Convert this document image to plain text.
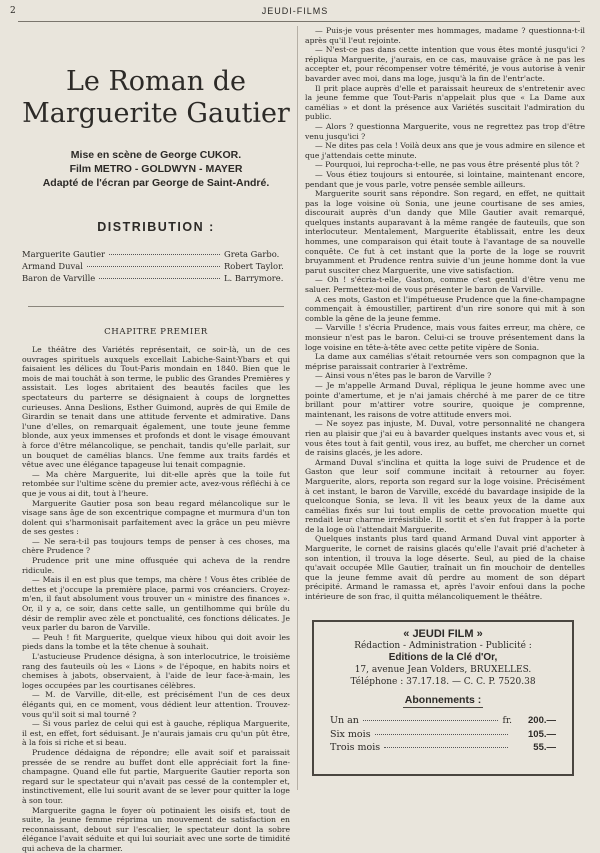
2	JEUDI-FILMS
Le Roman de
Marguerite Gautier
Mise en scène de George CUKOR.
Film METRO - GOLDWYN - MAYER
Adapté de l'écran par George de Saint-André.
DISTRIBUTION :
Marguerite Gautier	Greta Garbo.
Armand Duval	Robert Taylor.
Baron de Varville	L. Barrymore.
CHAPITRE PREMIER

Le théâtre des Variétés représentait, ce soir-là, un de ces ouvrages spirituels auxquels excellait Labiche-Saint-Ybars et qui faisaient les délices du Tout-Paris mondain en 1840. Bien que le mois de mai touchât à son terme, le public des Grandes Premières y assistait. Les loges abritaient des beautés faciles que les spectateurs du parterre se désignaient à coups de lorgnettes curieuses. Anna Deslions, Esther Guimond, auprès de qui Emile de Girardin se tenait dans une attitude fervente et admirative. Dans l'une d'elles, on remarquait également, une toute jeune femme blonde, aux yeux immenses et profonds et dont le visage émouvant à force d'être mélancolique, se penchait, tandis qu'elle parlait, sur un bouquet de camélias blancs. Une femme aux traits fardés et vêtue avec une élégance tapageuse lui tenait compagnie.

— Ma chère Marguerite, lui dit-elle après que la toile fut retombée sur l'ultime scène du premier acte, avez-vous réfléchi à ce que je vous ai dit, tout à l'heure.

Marguerite Gautier posa son beau regard mélancolique sur le visage sans âge de son excentrique compagne et murmura d'un ton dolent qui s'harmonisait parfaitement avec la grâce un peu mièvre de ses gestes :

— Ne sera-t-il pas toujours temps de penser à ces choses, ma chère Prudence ?

Prudence prit une mine offusquée qui acheva de la rendre ridicule.

— Mais il en est plus que temps, ma chère ! Vous êtes criblée de dettes et j'occupe la première place, parmi vos créanciers. Croyez-m'en, il faut absolument vous trouver un « ministre des finances ». Or, il y a, ce soir, dans cette salle, un gentilhomme qui brûle du désir de remplir avec zèle et ponctualité, ces fonctions délicates. Je veux parler du baron de Varville.

— Peuh ! fit Marguerite, quelque vieux hibou qui doit avoir les pieds dans la tombe et la tête chenue à souhait.

L'astucieuse Prudence désigna, à son interlocutrice, le troisième rang des fauteuils où les « Lions » de l'époque, en habits noirs et chemises à jabots, observaient, à l'aide de leur face-à-main, les loges occupées par les courtisanes célèbres.

— M. de Varville, dit-elle, est précisément l'un de ces deux élégants qui, en ce moment, vous dédient leur attention. Trouvez-vous qu'il soit si mal tourné ?

— Si vous parlez de celui qui est à gauche, répliqua Marguerite, il est, en effet, fort séduisant. Je n'aurais jamais cru qu'un pût être, à la fois si riche et si beau.

Prudence dédaigna de répondre; elle avait soif et paraissait pressée de se rendre au buffet dont elle appréciait fort la fine-champagne. Quand elle fut partie, Marguerite Gautier reporta son regard sur le spectateur qui n'avait pas cessé de la contempler et, instinctivement, elle lui sourit avant de se lever pour quitter la loge à son tour.

Marguerite gagna le foyer où potinaient les oisifs et, tout de suite, la jeune femme réprima un mouvement de satisfaction en reconnaissant, debout sur l'escalier, le spectateur dont la sobre élégance l'avait séduite et qui lui souriait avec une sorte de timidité qui acheva de la charmer.

— Puis-je vous présenter mes hommages, madame ? questionna-t-il après qu'il l'eut rejointe.

— N'est-ce pas dans cette intention que vous êtes monté jusqu'ici ? répliqua Marguerite, j'aurais, en ce cas, mauvaise grâce à ne pas les accepter et, pour récompenser votre témérité, je vous autorise à venir bavarder avec moi, dans ma loge, jusqu'à la fin de l'entr'acte.

Il prit place auprès d'elle et paraissait heureux de s'entretenir avec la jeune femme que Tout-Paris n'appelait plus que « La Dame aux camélias » et dont la présence aux Variétés suscitait l'admiration du public.

— Alors ? questionna Marguerite, vous ne regrettez pas trop d'être venu jusqu'ici ?

— Ne dites pas cela ! Voilà deux ans que je vous admire en silence et que j'attendais cette minute.

— Pourquoi, lui reprocha-t-elle, ne pas vous être présenté plus tôt ?

— Vous étiez toujours si entourée, si lointaine, maintenant encore, pendant que je vous parle, votre pensée semble ailleurs.

Marguerite sourit sans répondre. Son regard, en effet, ne quittait pas la loge voisine où Sonia, une jeune courtisane de ses amies, discourait auprès d'un dandy que Mlle Gautier avait remarqué, quelques instants auparavant à la même rangée de fauteuils, que son interlocuteur. Mentalement, Marguerite établissait, entre les deux hommes, une comparaison qui était toute à l'avantage de sa nouvelle conquête. Ce fut à cet instant que la porte de la loge se rouvrit bruyamment et Prudence rentra suivie d'un jeune homme dont la vue parut susciter chez Marguerite, une vive satisfaction.

— Oh ! s'écria-t-elle, Gaston, comme c'est gentil d'être venu me saluer. Permettez-moi de vous présenter le baron de Varville.

A ces mots, Gaston et l'impétueuse Prudence que la fine-champagne commençait à émoustiller, partirent d'un rire sonore qui mit à son comble la gêne de la jeune femme.

— Varville ! s'écria Prudence, mais vous faites erreur, ma chère, ce monsieur n'est pas le baron. Celui-ci se trouve présentement dans la loge voisine en tête-à-tête avec cette petite vipère de Sonia.

La dame aux camélias s'était retournée vers son compagnon que la méprise paraissait contrarier à l'extrême.

— Ainsi vous n'êtes pas le baron de Varville ?

— Je m'appelle Armand Duval, répliqua le jeune homme avec une pointe d'amertume, et je n'ai jamais chérché à me parer de ce titre brillant pour m'attirer votre sourire, quoique je comprenne, maintenant, les raisons de votre attitude envers moi.

— Ne soyez pas injuste, M. Duval, votre personnalité ne changera rien au plaisir que j'ai eu à bavarder quelques instants avec vous et, si vous êtes tout à fait gentil, vous irez, au buffet, me chercher un cornet de raisins glacés, je les adore.

Armand Duval s'inclina et quitta la loge suivi de Prudence et de Gaston que leur soif commune incitait à retourner au foyer. Marguerite, alors, reporta son regard sur la loge voisine. Précisément à cet instant, le baron de Varville, excédé du bavardage insipide de la quelconque Sonia, se leva. Il vit les beaux yeux de la dame aux camélias fixés sur lui tout emplis de cette provocation muette qui rendait leur charme irrésistible. Il sortit et s'en fut frapper à la porte de la loge où l'attendait Marguerite.

Quelques instants plus tard quand Armand Duval vint apporter à Marguerite, le cornet de raisins glacés qu'elle l'avait prié d'acheter à son intention, il trouva la loge déserte. Seul, au pied de la chaise qu'avait occupée Mlle Gautier, traînait un fin mouchoir de dentelles que la jeune femme avait dû perdre au moment de son départ précipité. Armand le ramassa et, après l'avoir enfoui dans la poche intérieure de son frac, il quitta mélancoliquement le théâtre.

« JEUDI FILM »
Rédaction - Administration - Publicité :
Editions de la Clé d'Or,
17, avenue Jean Volders, BRUXELLES.
Téléphone : 37.17.18. — C. C. P. 7520.38
Abonnements :
Un an	fr.	200.—
Six mois	105.—
Trois mois	55.—
